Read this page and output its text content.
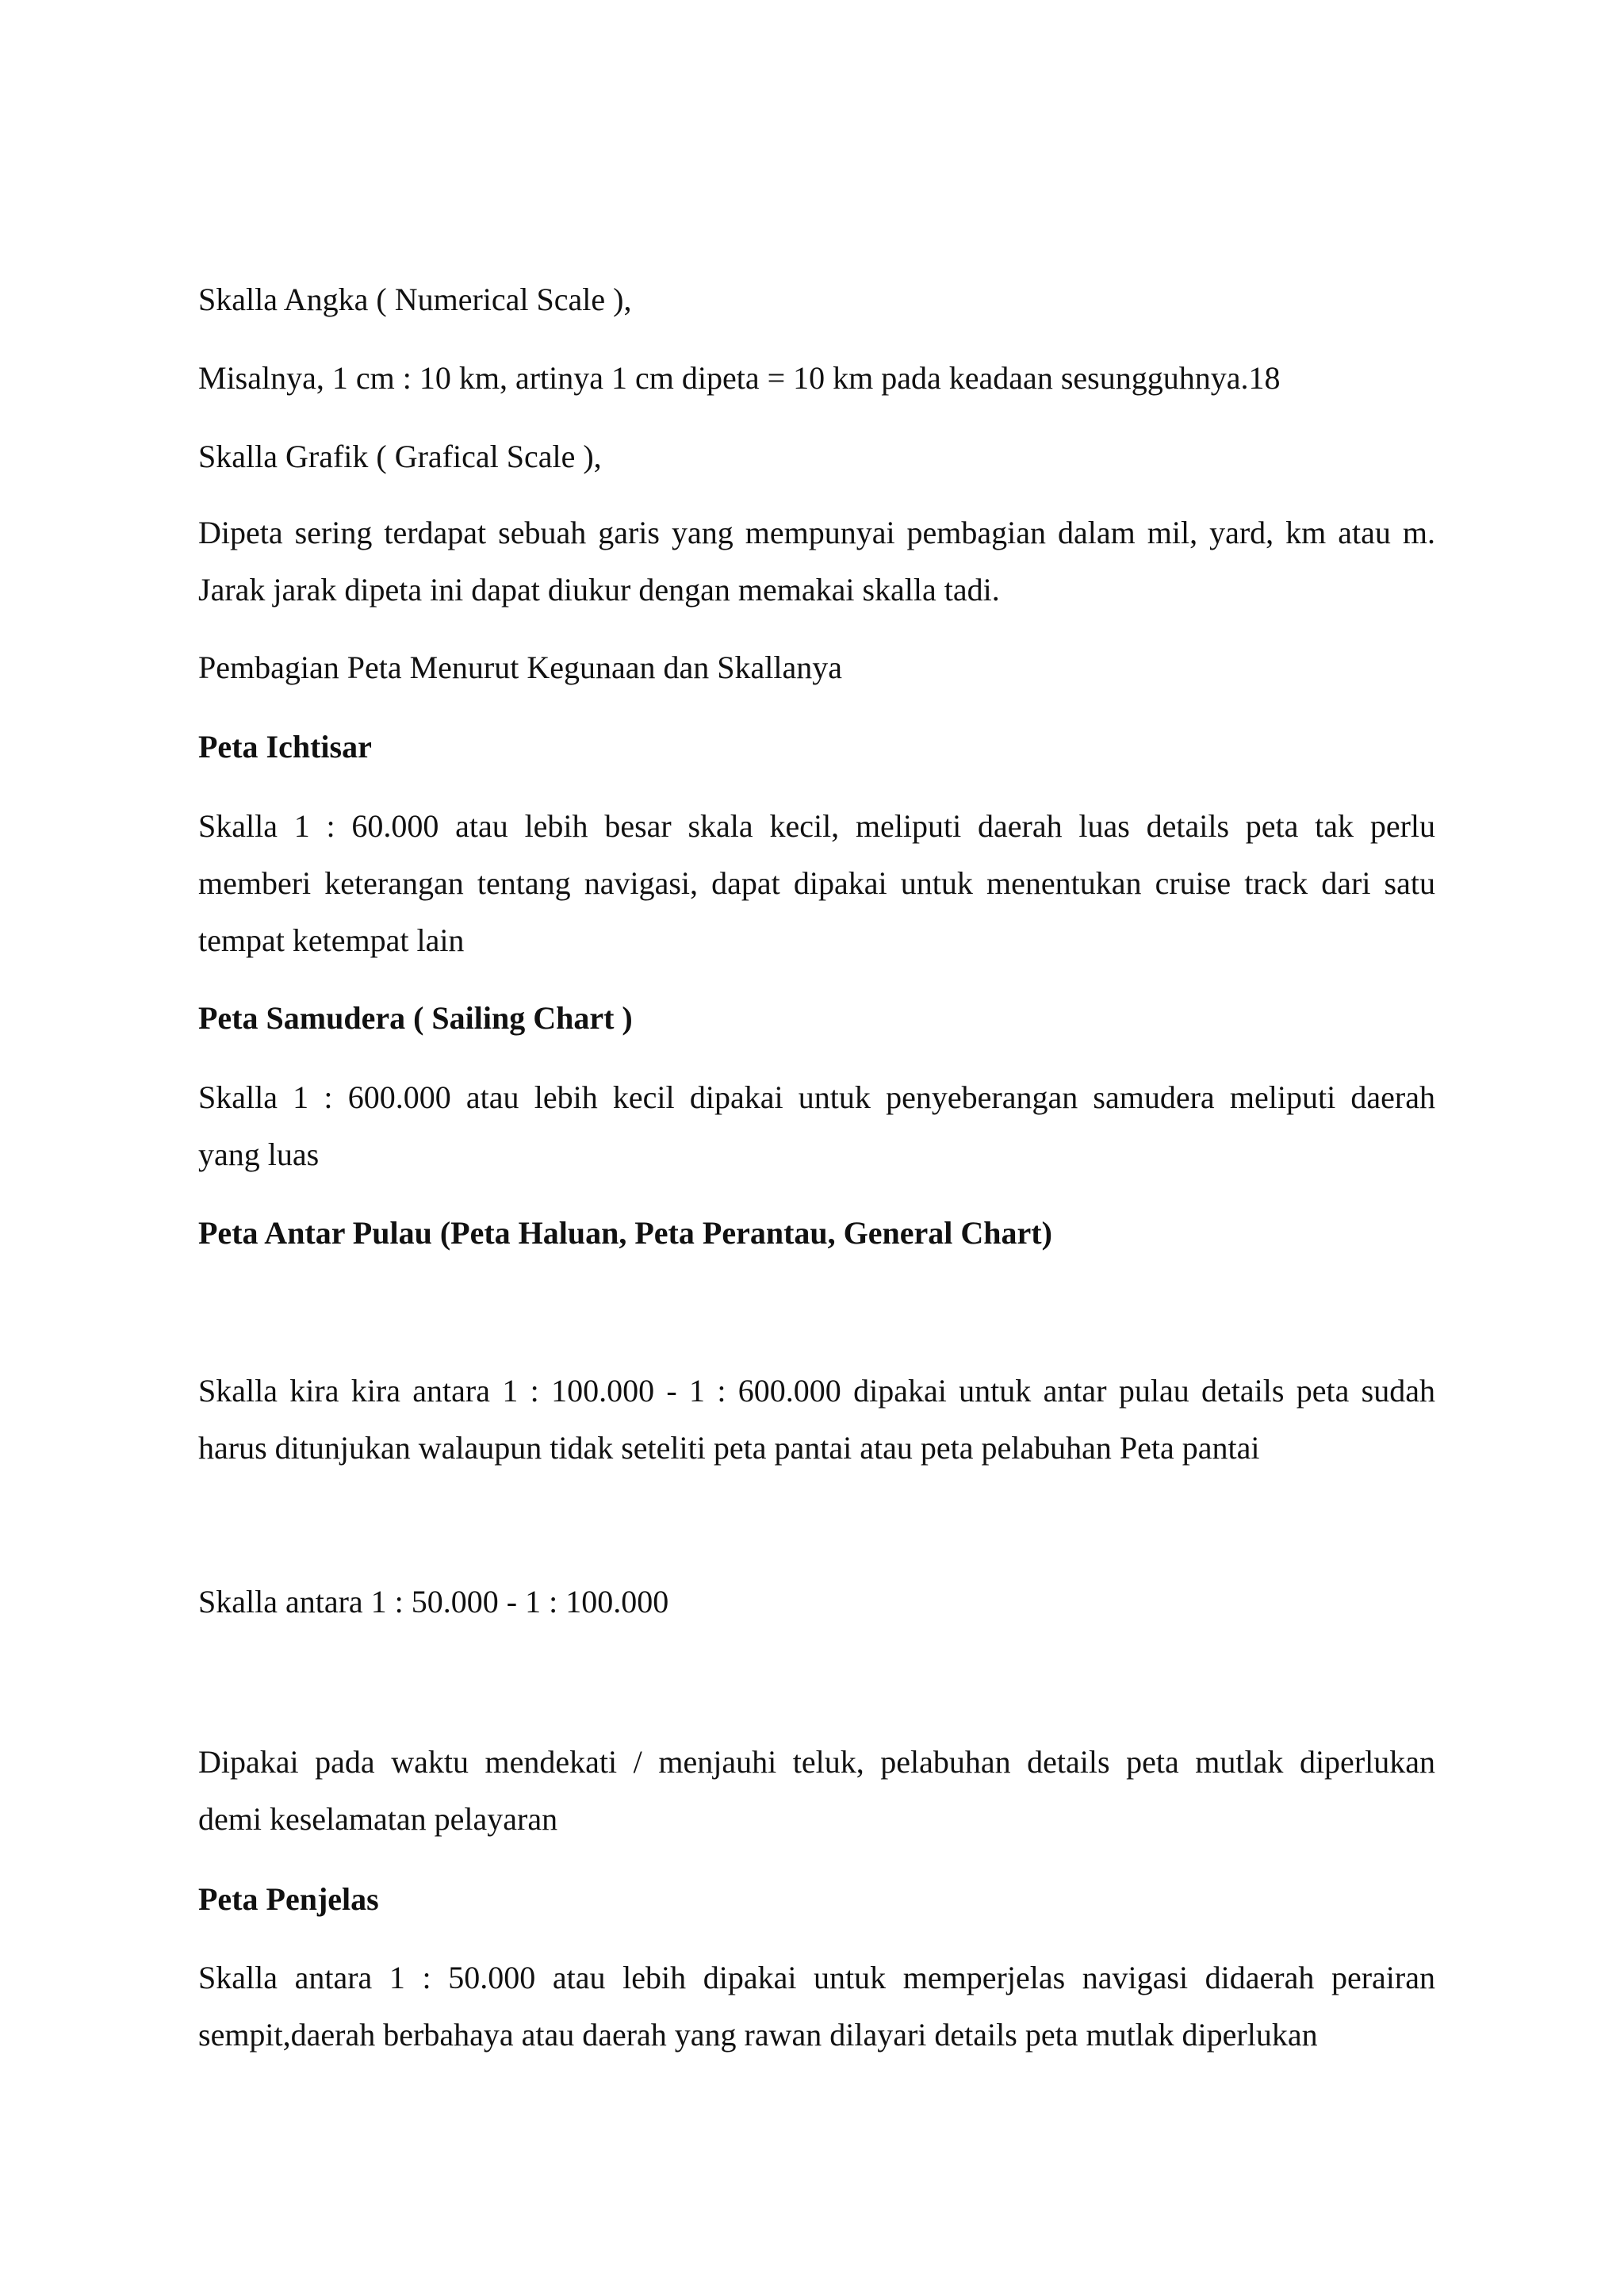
Skalla Angka ( Numerical Scale ),

Misalnya, 1 cm : 10 km, artinya 1 cm dipeta = 10 km pada keadaan sesungguhnya.18

Skalla Grafik ( Grafical Scale ),

Dipeta sering terdapat sebuah garis yang mempunyai pembagian dalam mil, yard, km atau m.
Jarak jarak dipeta ini dapat diukur dengan memakai skalla tadi.

Pembagian Peta Menurut Kegunaan dan Skallanya

Peta Ichtisar

Skalla 1 : 60.000 atau lebih besar skala kecil, meliputi daerah luas details peta tak perlu
memberi keterangan tentang navigasi, dapat dipakai untuk menentukan cruise track dari satu
tempat ketempat lain

Peta Samudera ( Sailing Chart )

Skalla 1 : 600.000 atau lebih kecil dipakai untuk penyeberangan samudera meliputi daerah
yang luas

Peta Antar Pulau (Peta Haluan, Peta Perantau, General Chart)

Skalla kira kira antara 1 : 100.000 - 1 : 600.000 dipakai untuk antar pulau details peta sudah
harus ditunjukan walaupun tidak seteliti peta pantai atau peta pelabuhan Peta pantai

Skalla antara 1 : 50.000 - 1 : 100.000

Dipakai pada waktu mendekati / menjauhi teluk, pelabuhan details peta mutlak diperlukan
demi keselamatan pelayaran

Peta Penjelas

Skalla antara 1 : 50.000 atau lebih dipakai untuk memperjelas navigasi didaerah perairan
sempit,daerah berbahaya atau daerah yang rawan dilayari details peta mutlak diperlukan
